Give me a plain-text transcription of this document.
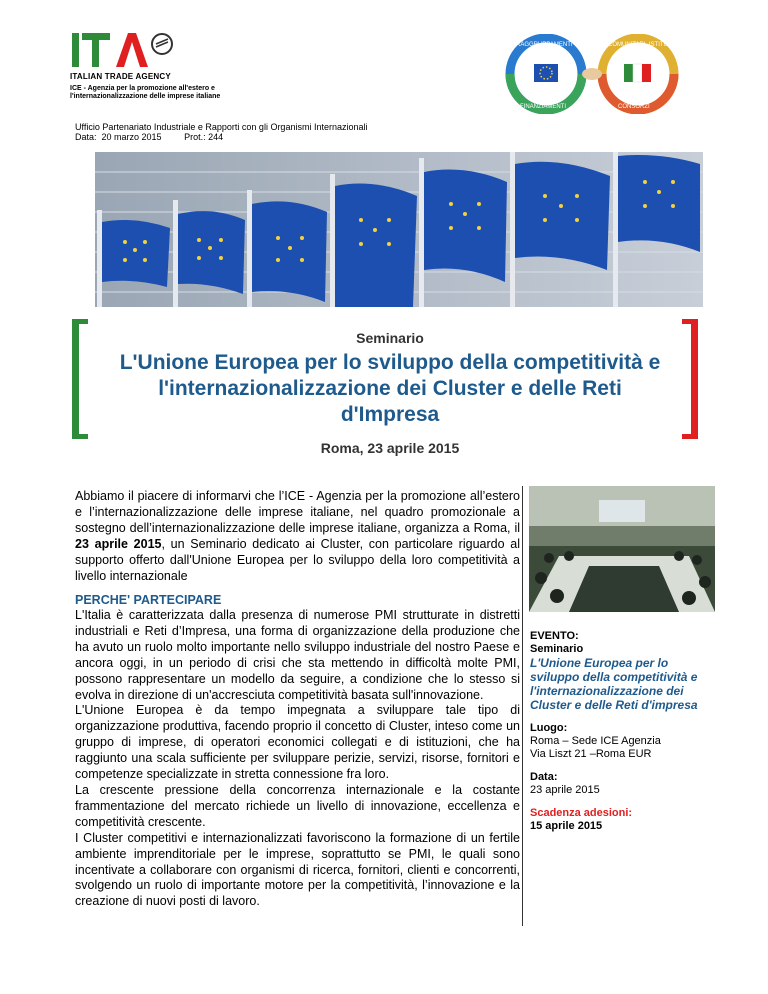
ITALIAN TRADE AGENCY
ICE - Agenzia per la promozione all'estero e
l'internazionalizzazione delle imprese italiane
RAGGRUPPAMENTI	COMUNITARI, ISTITUZIONI
FINANZIAMENTI	CONSORZI
Ufficio Partenariato Industriale e Rapporti con gli Organismi Internazionali
Data:  20 marzo 2015	Prot.: 244
Seminario
L'Unione Europea per lo sviluppo della competitività e l'internazionalizzazione dei Cluster e delle Reti d'Impresa
Roma, 23 aprile 2015
Abbiamo il piacere di informarvi che l’ICE - Agenzia per la promozione all’estero e l’internazionalizzazione delle imprese italiane, nel quadro promozionale a sostegno dell’internazionalizzazione delle imprese italiane, organizza a Roma, il 23 aprile 2015, un Seminario dedicato ai Cluster, con particolare riguardo al supporto offerto dall'Unione Europea per lo sviluppo della loro competitività a livello internazionale
PERCHE' PARTECIPARE

L'Italia è caratterizzata dalla presenza di numerose PMI strutturate in distretti industriali e Reti d’Impresa, una forma di organizzazione della produzione che ha avuto un ruolo molto importante nello sviluppo industriale del nostro Paese e ancora oggi, in un periodo di crisi che sta mettendo in difficoltà molte PMI, possono rappresentare un modello da seguire, a condizione che lo stesso si evolva in direzione di un'accresciuta competitività basata sull'innovazione.

L'Unione Europea è da tempo impegnata a sviluppare tale tipo di organizzazione produttiva, facendo proprio il concetto di Cluster, inteso come un gruppo di imprese, di operatori economici collegati e di istituzioni, che ha raggiunto una scala sufficiente per sviluppare perizie, servizi, risorse, fornitori e competenze specializzate in stretta connessione fra loro.

La crescente pressione della concorrenza internazionale e la costante frammentazione del mercato richiede un livello di innovazione, eccellenza e competitività crescente.

I Cluster competitivi e internazionalizzati favoriscono la formazione di un fertile ambiente imprenditoriale per le imprese, soprattutto se PMI, le quali sono incentivate a collaborare con organismi di ricerca, fornitori, clienti e concorrenti, svolgendo un ruolo di importante motore per la competitività, l’innovazione e la creazione di nuovi posti di lavoro.

EVENTO:
Seminario
L'Unione Europea per lo sviluppo della competitività e l'internazionalizzazione dei Cluster e delle Reti d'impresa
Luogo:
Roma – Sede ICE Agenzia
Via Liszt 21 –Roma EUR
Data:
23 aprile 2015
Scadenza adesioni:
15 aprile 2015
